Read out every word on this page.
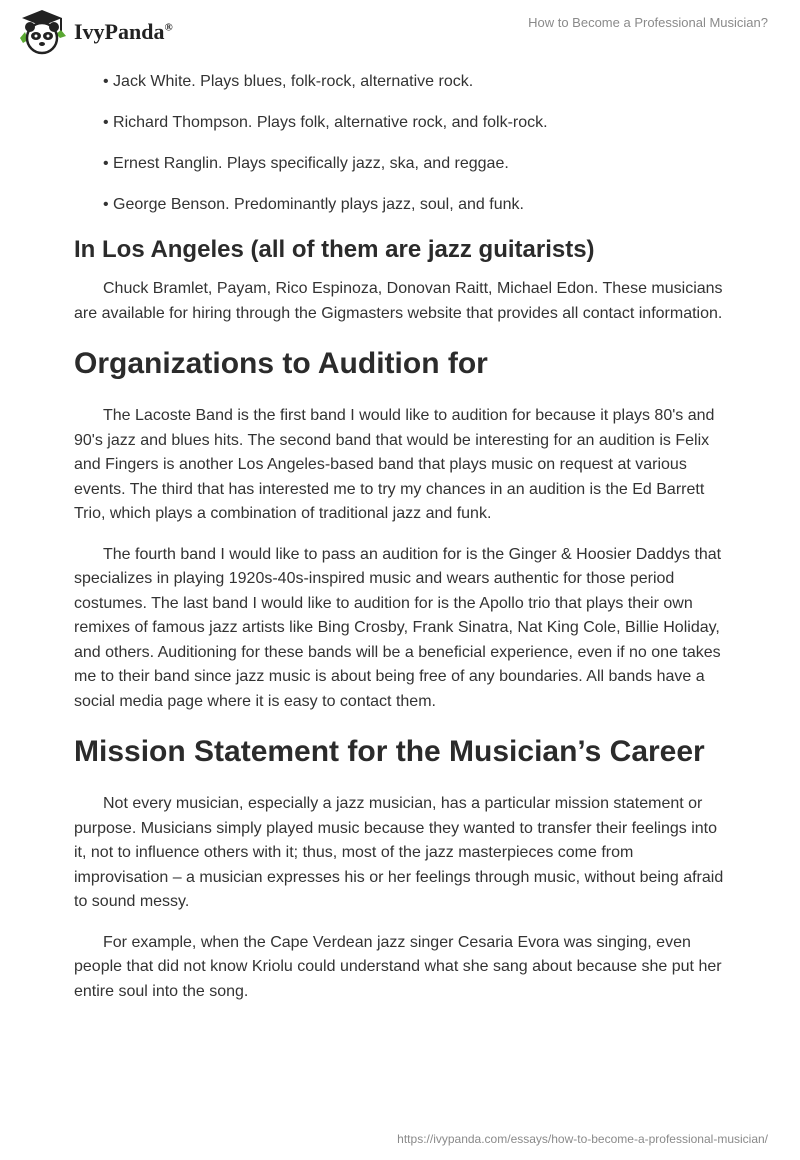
IvyPanda®	How to Become a Professional Musician?
• Jack White. Plays blues, folk-rock, alternative rock.
• Richard Thompson. Plays folk, alternative rock, and folk-rock.
• Ernest Ranglin. Plays specifically jazz, ska, and reggae.
• George Benson. Predominantly plays jazz, soul, and funk.
In Los Angeles (all of them are jazz guitarists)

Chuck Bramlet, Payam, Rico Espinoza, Donovan Raitt, Michael Edon. These musicians are available for hiring through the Gigmasters website that provides all contact information.

Organizations to Audition for

The Lacoste Band is the first band I would like to audition for because it plays 80's and 90's jazz and blues hits. The second band that would be interesting for an audition is Felix and Fingers is another Los Angeles-based band that plays music on request at various events. The third that has interested me to try my chances in an audition is the Ed Barrett Trio, which plays a combination of traditional jazz and funk.

The fourth band I would like to pass an audition for is the Ginger & Hoosier Daddys that specializes in playing 1920s-40s-inspired music and wears authentic for those period costumes. The last band I would like to audition for is the Apollo trio that plays their own remixes of famous jazz artists like Bing Crosby, Frank Sinatra, Nat King Cole, Billie Holiday, and others. Auditioning for these bands will be a beneficial experience, even if no one takes me to their band since jazz music is about being free of any boundaries. All bands have a social media page where it is easy to contact them.

Mission Statement for the Musician’s Career

Not every musician, especially a jazz musician, has a particular mission statement or purpose. Musicians simply played music because they wanted to transfer their feelings into it, not to influence others with it; thus, most of the jazz masterpieces come from improvisation – a musician expresses his or her feelings through music, without being afraid to sound messy.

For example, when the Cape Verdean jazz singer Cesaria Evora was singing, even people that did not know Kriolu could understand what she sang about because she put her entire soul into the song.

https://ivypanda.com/essays/how-to-become-a-professional-musician/
